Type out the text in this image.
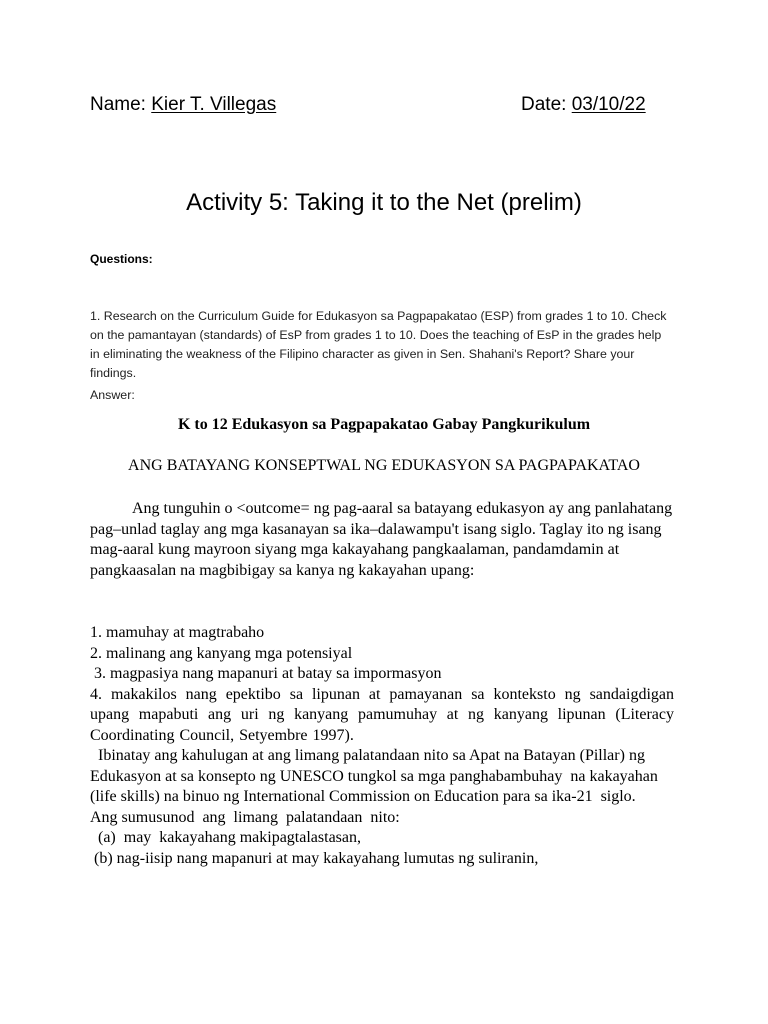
Name: Kier T. Villegas	Date: 03/10/22
Activity 5: Taking it to the Net (prelim)
Questions:
1. Research on the Curriculum Guide for Edukasyon sa Pagpapakatao (ESP) from grades 1 to 10. Check on the pamantayan (standards) of EsP from grades 1 to 10. Does the teaching of EsP in the grades help in eliminating the weakness of the Filipino character as given in Sen. Shahani's Report? Share your findings.
Answer:
K to 12 Edukasyon sa Pagpapakatao Gabay Pangkurikulum
ANG BATAYANG KONSEPTWAL NG EDUKASYON SA PAGPAPAKATAO
Ang tunguhin o <outcome= ng pag-aaral sa batayang edukasyon ay ang panlahatang pag–unlad taglay ang mga kasanayan sa ika–dalawampu't isang siglo. Taglay ito ng isang mag-aaral kung mayroon siyang mga kakayahang pangkaalaman, pandamdamin at pangkaasalan na magbibigay sa kanya ng kakayahan upang:
1. mamuhay at magtrabaho
2. malinang ang kanyang mga potensiyal
3. magpasiya nang mapanuri at batay sa impormasyon
4. makakilos nang epektibo sa lipunan at pamayanan sa konteksto ng sandaigdigan upang mapabuti ang uri ng kanyang pamumuhay at ng kanyang lipunan (Literacy Coordinating Council, Setyembre 1997).
Ibinatay ang kahulugan at ang limang palatandaan nito sa Apat na Batayan (Pillar) ng Edukasyon at sa konsepto ng UNESCO tungkol sa mga panghabambuhay  na kakayahan (life skills) na binuo ng International Commission on Education para sa ika-21  siglo.
Ang sumusunod  ang  limang  palatandaan  nito:
(a)  may  kakayahang makipagtalastasan,
(b) nag-iisip nang mapanuri at may kakayahang lumutas ng suliranin,
